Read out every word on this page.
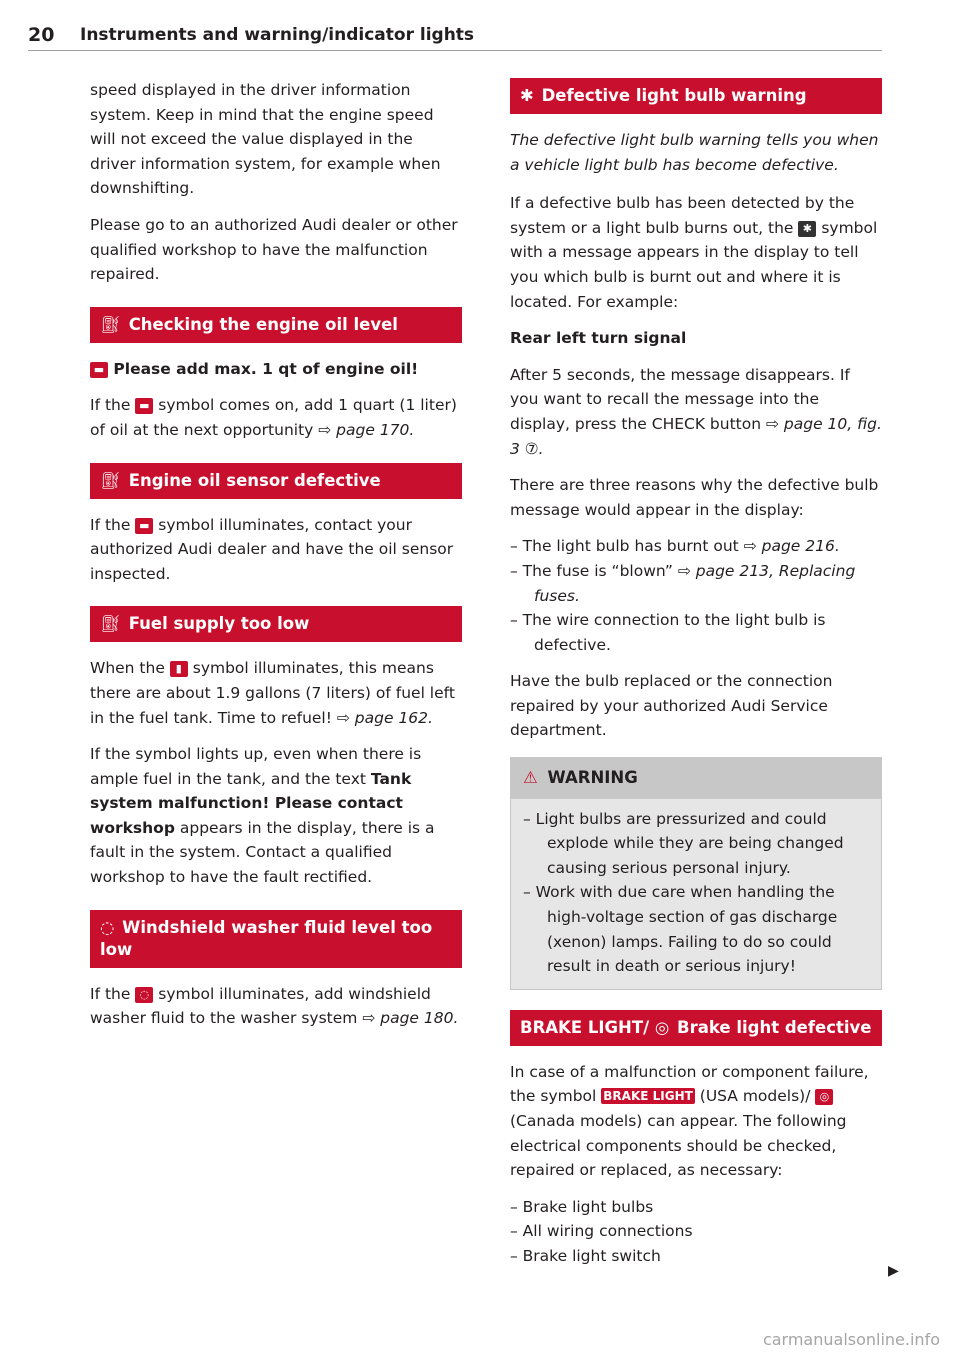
20 Instruments and warning/indicator lights

speed displayed in the driver information system. Keep in mind that the engine speed will not exceed the value displayed in the driver information system, for example when downshifting.

Please go to an authorized Audi dealer or other qualified workshop to have the malfunction repaired.

⛽︎ Checking the engine oil level
▬ Please add max. 1 qt of engine oil!

If the ▬ symbol comes on, add 1 quart (1 liter) of oil at the next opportunity ⇨ page 170.

⛽︎ Engine oil sensor defective

If the ▬ symbol illuminates, contact your authorized Audi dealer and have the oil sensor inspected.

⛽︎ Fuel supply too low

When the ▮ symbol illuminates, this means there are about 1.9 gallons (7 liters) of fuel left in the fuel tank. Time to refuel! ⇨ page 162.

If the symbol lights up, even when there is ample fuel in the tank, and the text Tank system malfunction! Please contact workshop appears in the display, there is a fault in the system. Contact a qualified workshop to have the fault rectified.

◌ Windshield washer fluid level too low

If the ◌ symbol illuminates, add windshield washer fluid to the washer system ⇨ page 180.

✱ Defective light bulb warning

The defective light bulb warning tells you when a vehicle light bulb has become defective.

If a defective bulb has been detected by the system or a light bulb burns out, the ✱ symbol with a message appears in the display to tell you which bulb is burnt out and where it is located. For example:

Rear left turn signal

After 5 seconds, the message disappears. If you want to recall the message into the display, press the CHECK button ⇨ page 10, fig. 3 ⑦.

There are three reasons why the defective bulb message would appear in the display:

– The light bulb has burnt out ⇨ page 216.
– The fuse is “blown” ⇨ page 213, Replacing fuses.
– The wire connection to the light bulb is defective.

Have the bulb replaced or the connection repaired by your authorized Audi Service department.

⚠︎ WARNING
– Light bulbs are pressurized and could explode while they are being changed causing serious personal injury.
– Work with due care when handling the high-voltage section of gas discharge (xenon) lamps. Failing to do so could result in death or serious injury!
BRAKE LIGHT/ ◎ Brake light defective

In case of a malfunction or component failure, the symbol BRAKE LIGHT (USA models)/ ◎ (Canada models) can appear. The following electrical components should be checked, repaired or replaced, as necessary:

– Brake light bulbs
– All wiring connections
– Brake light switch
▶
carmanualsonline.info
